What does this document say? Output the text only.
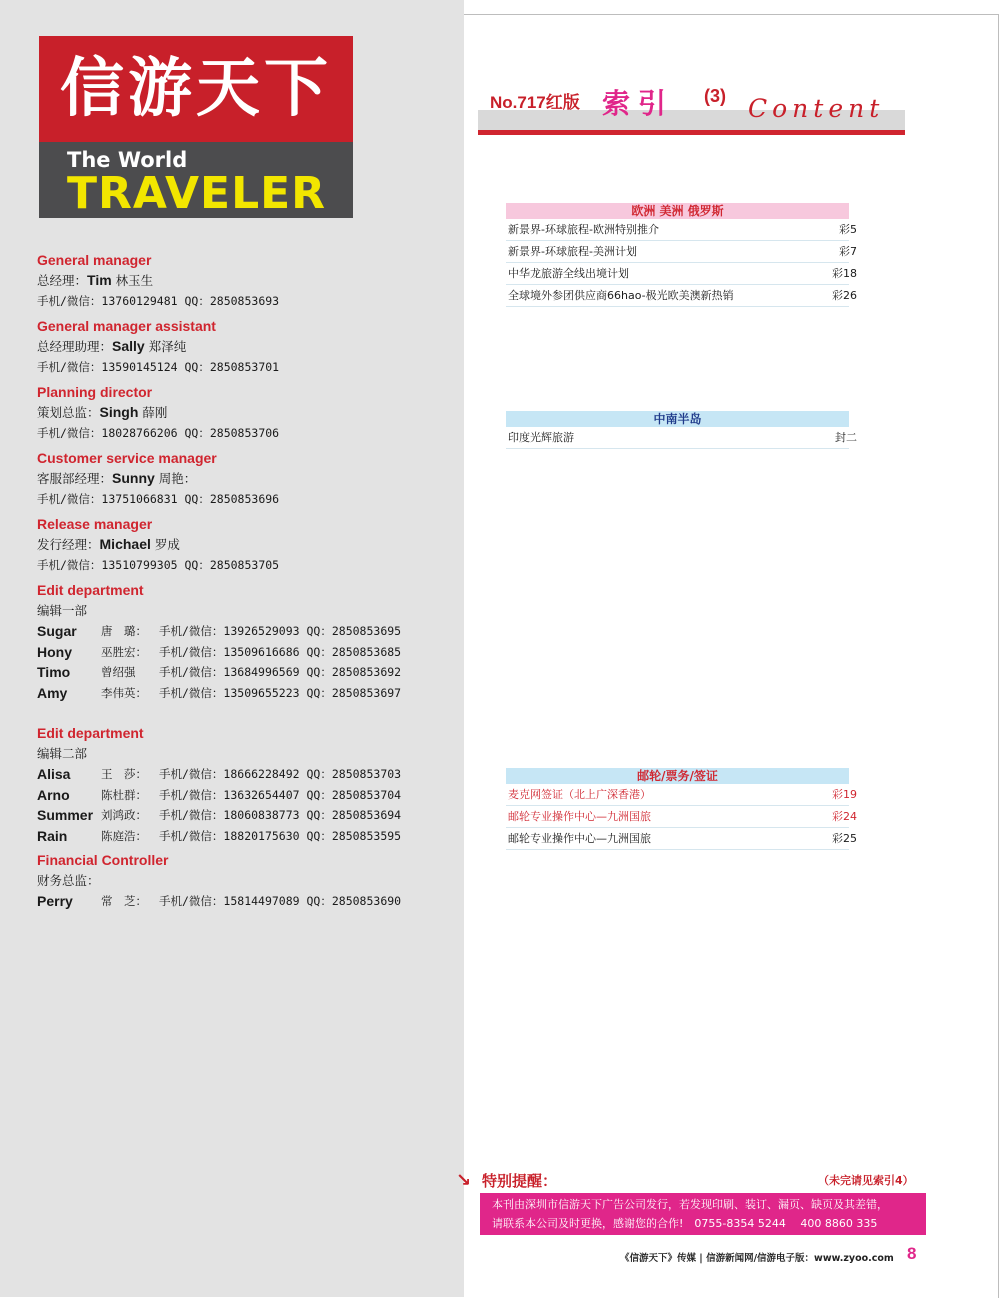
信游天下
The World
TRAVELER
General manager
总经理：Tim 林玉生
手机/微信：13760129481 QQ：2850853693
General manager assistant
总经理助理：Sally 郑泽纯
手机/微信：13590145124 QQ：2850853701
Planning director
策划总监：Singh 薛刚
手机/微信：18028766206 QQ：2850853706
Customer service manager
客服部经理：Sunny 周艳：
手机/微信：13751066831 QQ：2850853696
Release manager
发行经理：Michael 罗成
手机/微信：13510799305 QQ：2850853705
Edit department
编辑一部
Sugar	唐　璐：	手机/微信：13926529093 QQ：2850853695
Hony	巫胜宏：	手机/微信：13509616686 QQ：2850853685
Timo	曾绍强	手机/微信：13684996569 QQ：2850853692
Amy	李伟英：	手机/微信：13509655223 QQ：2850853697
Edit department
编辑二部
Alisa	王　莎：	手机/微信：18666228492 QQ：2850853703
Arno	陈杜群：	手机/微信：13632654407 QQ：2850853704
Summer 刘鸿政：	手机/微信：18060838773 QQ：2850853694
Rain	陈庭浩：	手机/微信：18820175630 QQ：2850853595
Financial Controller
财务总监：
Perry	常　芝：	手机/微信：15814497089 QQ：2850853690
No.717红版 索引 (3) Content
欧洲 美洲 俄罗斯
新景界-环球旅程-欧洲特别推介	彩5
新景界-环球旅程-美洲计划	彩7
中华龙旅游全线出境计划	彩18
全球境外参团供应商66hao-极光欧美澳新热销	彩26
中南半岛
印度光辉旅游	封二
邮轮/票务/签证
麦克网签证（北上广深香港）	彩19
邮轮专业操作中心—九洲国旅	彩24
邮轮专业操作中心—九洲国旅	彩25
↘ 特别提醒：	（未完请见索引4）
本刊由深圳市信游天下广告公司发行，若发现印刷、装订、漏页、缺页及其差错，
请联系本公司及时更换，感谢您的合作!　0755-8354 5244　 400 8860 335
《信游天下》传媒 | 信游新闻网/信游电子版：www.zyoo.com 8
